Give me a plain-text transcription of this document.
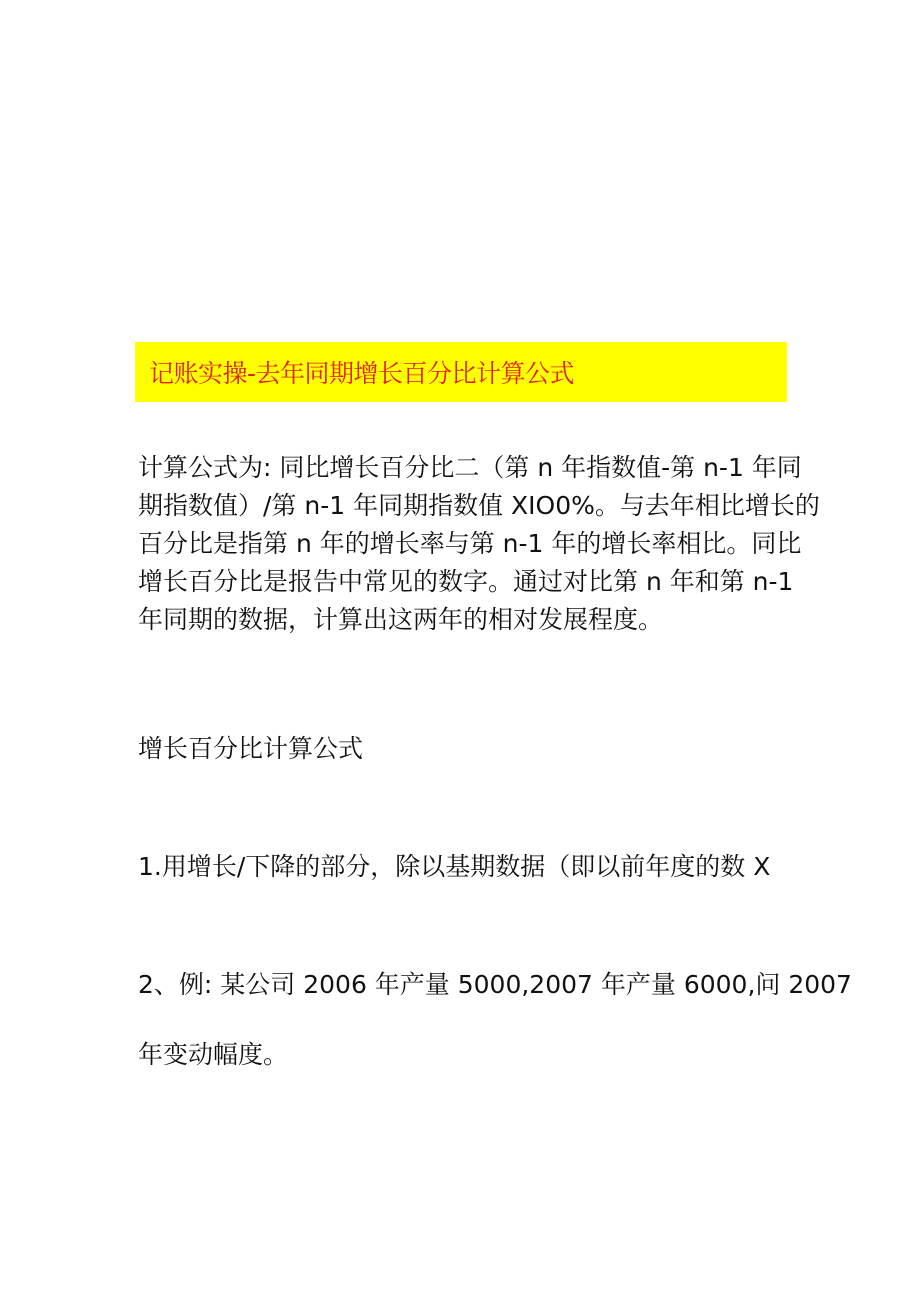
记账实操-去年同期增长百分比计算公式
计算公式为: 同比增长百分比二（第 n 年指数值-第 n-1 年同
期指数值）/第 n-1 年同期指数值 XIO0%。与去年相比增长的
百分比是指第 n 年的增长率与第 n-1 年的增长率相比。同比
增长百分比是报告中常见的数字。通过对比第 n 年和第 n-1
年同期的数据，计算出这两年的相对发展程度。
增长百分比计算公式
1.用增长/下降的部分，除以基期数据（即以前年度的数 X
2、例: 某公司 2006 年产量 5000,2007 年产量 6000,问 2007
年变动幅度。
